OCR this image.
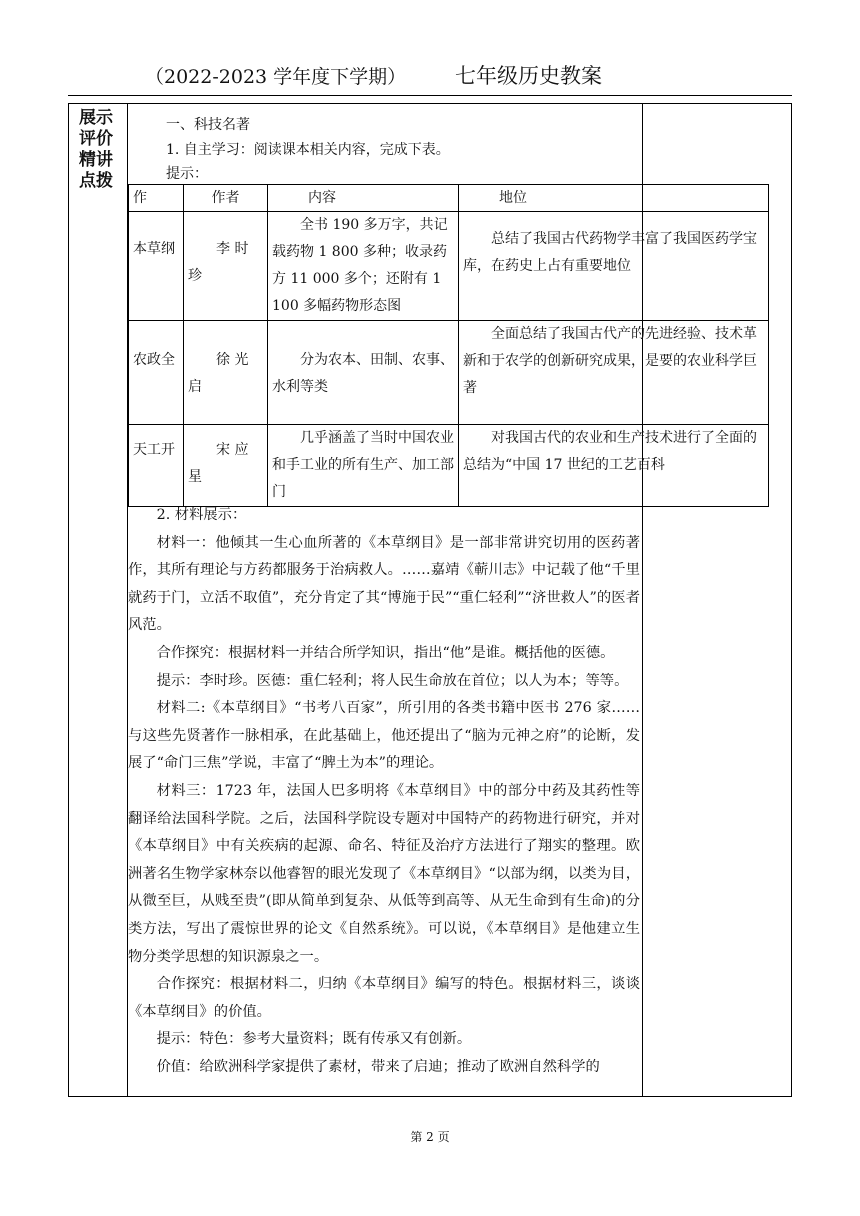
（2022-2023 学年度下学期） 七年级历史教案
展示
评价
精讲
点拨
一、科技名著
1. 自主学习：阅读课本相关内容，完成下表。
提示：
作	作者	内容	地位
本草纲	李 时 珍	全书 190 多万字，共记载药物 1 800 多种；收录药方 11 000 多个；还附有 1 100 多幅药物形态图	总结了我国古代药物学丰富了我国医药学宝库，在药史上占有重要地位
农政全	徐 光 启	分为农本、田制、农事、水利等类	全面总结了我国古代产的先进经验、技术革新和于农学的创新研究成果，是要的农业科学巨著
天工开	宋 应 星	几乎涵盖了当时中国农业和手工业的所有生产、加工部门	对我国古代的农业和生产技术进行了全面的总结为“中国 17 世纪的工艺百科

2. 材料展示：

材料一：他倾其一生心血所著的《本草纲目》是一部非常讲究切用的医药著作，其所有理论与方药都服务于治病救人。……嘉靖《蕲川志》中记载了他“千里就药于门，立活不取值”，充分肯定了其“博施于民”“重仁轻利”“济世救人”的医者风范。

合作探究：根据材料一并结合所学知识，指出“他”是谁。概括他的医德。

提示：李时珍。医德：重仁轻利；将人民生命放在首位；以人为本；等等。

材料二:《本草纲目》“书考八百家”，所引用的各类书籍中医书 276 家……与这些先贤著作一脉相承，在此基础上，他还提出了“脑为元神之府”的论断，发展了“命门三焦”学说，丰富了“脾土为本”的理论。

材料三：1723 年，法国人巴多明将《本草纲目》中的部分中药及其药性等翻译给法国科学院。之后，法国科学院设专题对中国特产的药物进行研究，并对《本草纲目》中有关疾病的起源、命名、特征及治疗方法进行了翔实的整理。欧洲著名生物学家林奈以他睿智的眼光发现了《本草纲目》“以部为纲，以类为目，从微至巨，从贱至贵”(即从简单到复杂、从低等到高等、从无生命到有生命)的分类方法，写出了震惊世界的论文《自然系统》。可以说，《本草纲目》是他建立生物分类学思想的知识源泉之一。

合作探究：根据材料二，归纳《本草纲目》编写的特色。根据材料三，谈谈《本草纲目》的价值。

提示：特色：参考大量资料；既有传承又有创新。

价值：给欧洲科学家提供了素材，带来了启迪；推动了欧洲自然科学的

第 2 页
